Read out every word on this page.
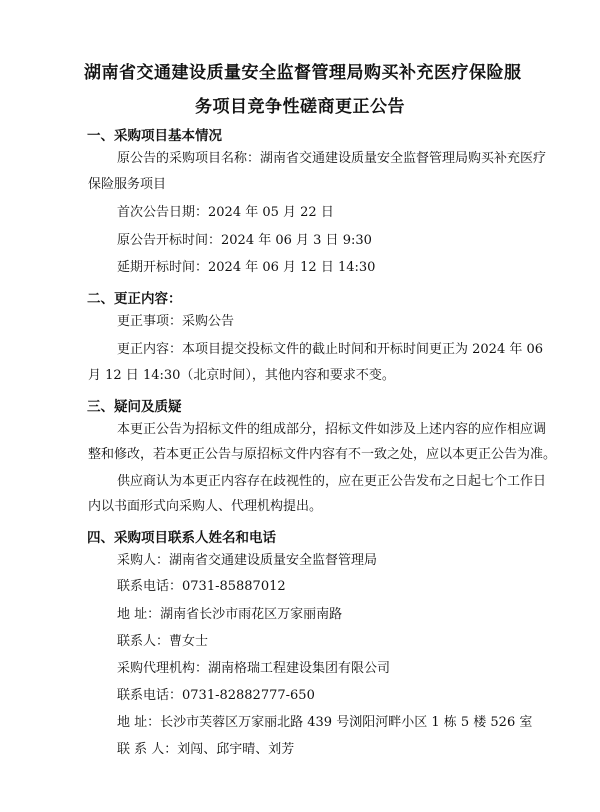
湖南省交通建设质量安全监督管理局购买补充医疗保险服
务项目竞争性磋商更正公告
一、采购项目基本情况
原公告的采购项目名称：湖南省交通建设质量安全监督管理局购买补充医疗
保险服务项目
首次公告日期：2024 年 05 月 22 日
原公告开标时间：2024 年 06 月 3 日 9:30
延期开标时间：2024 年 06 月 12 日 14:30
二、更正内容：
更正事项：采购公告
更正内容：本项目提交投标文件的截止时间和开标时间更正为 2024 年 06
月 12 日 14:30（北京时间），其他内容和要求不变。
三、疑问及质疑
本更正公告为招标文件的组成部分，招标文件如涉及上述内容的应作相应调
整和修改，若本更正公告与原招标文件内容有不一致之处，应以本更正公告为准。
供应商认为本更正内容存在歧视性的，应在更正公告发布之日起七个工作日
内以书面形式向采购人、代理机构提出。
四、采购项目联系人姓名和电话
采购人：湖南省交通建设质量安全监督管理局
联系电话：0731-85887012
地 址：湖南省长沙市雨花区万家丽南路
联系人：曹女士
采购代理机构：湖南格瑞工程建设集团有限公司
联系电话：0731-82882777-650
地 址：长沙市芙蓉区万家丽北路 439 号浏阳河畔小区 1 栋 5 楼 526 室
联 系 人：刘闯、邱宇晴、刘芳
